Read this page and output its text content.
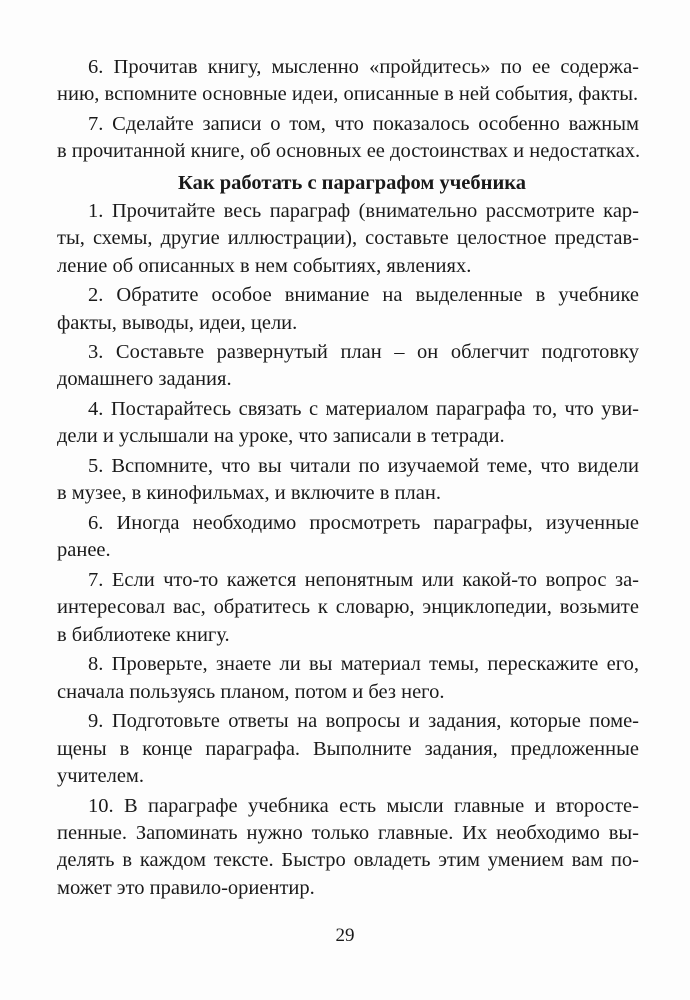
6. Прочитав книгу, мысленно «пройдитесь» по ее содержа-
нию, вспомните основные идеи, описанные в ней события, факты.
7. Сделайте записи о том, что показалось особенно важным
в прочитанной книге, об основных ее достоинствах и недостатках.
Как работать с параграфом учебника
1. Прочитайте весь параграф (внимательно рассмотрите кар-
ты, схемы, другие иллюстрации), составьте целостное представ-
ление об описанных в нем событиях, явлениях.
2. Обратите особое внимание на выделенные в учебнике
факты, выводы, идеи, цели.
3. Составьте развернутый план – он облегчит подготовку
домашнего задания.
4. Постарайтесь связать с материалом параграфа то, что уви-
дели и услышали на уроке, что записали в тетради.
5. Вспомните, что вы читали по изучаемой теме, что видели
в музее, в кинофильмах, и включите в план.
6. Иногда необходимо просмотреть параграфы, изученные
ранее.
7. Если что-то кажется непонятным или какой-то вопрос за-
интересовал вас, обратитесь к словарю, энциклопедии, возьмите
в библиотеке книгу.
8. Проверьте, знаете ли вы материал темы, перескажите его,
сначала пользуясь планом, потом и без него.
9. Подготовьте ответы на вопросы и задания, которые поме-
щены в конце параграфа. Выполните задания, предложенные
учителем.
10. В параграфе учебника есть мысли главные и второсте-
пенные. Запоминать нужно только главные. Их необходимо вы-
делять в каждом тексте. Быстро овладеть этим умением вам по-
может это правило-ориентир.
29
